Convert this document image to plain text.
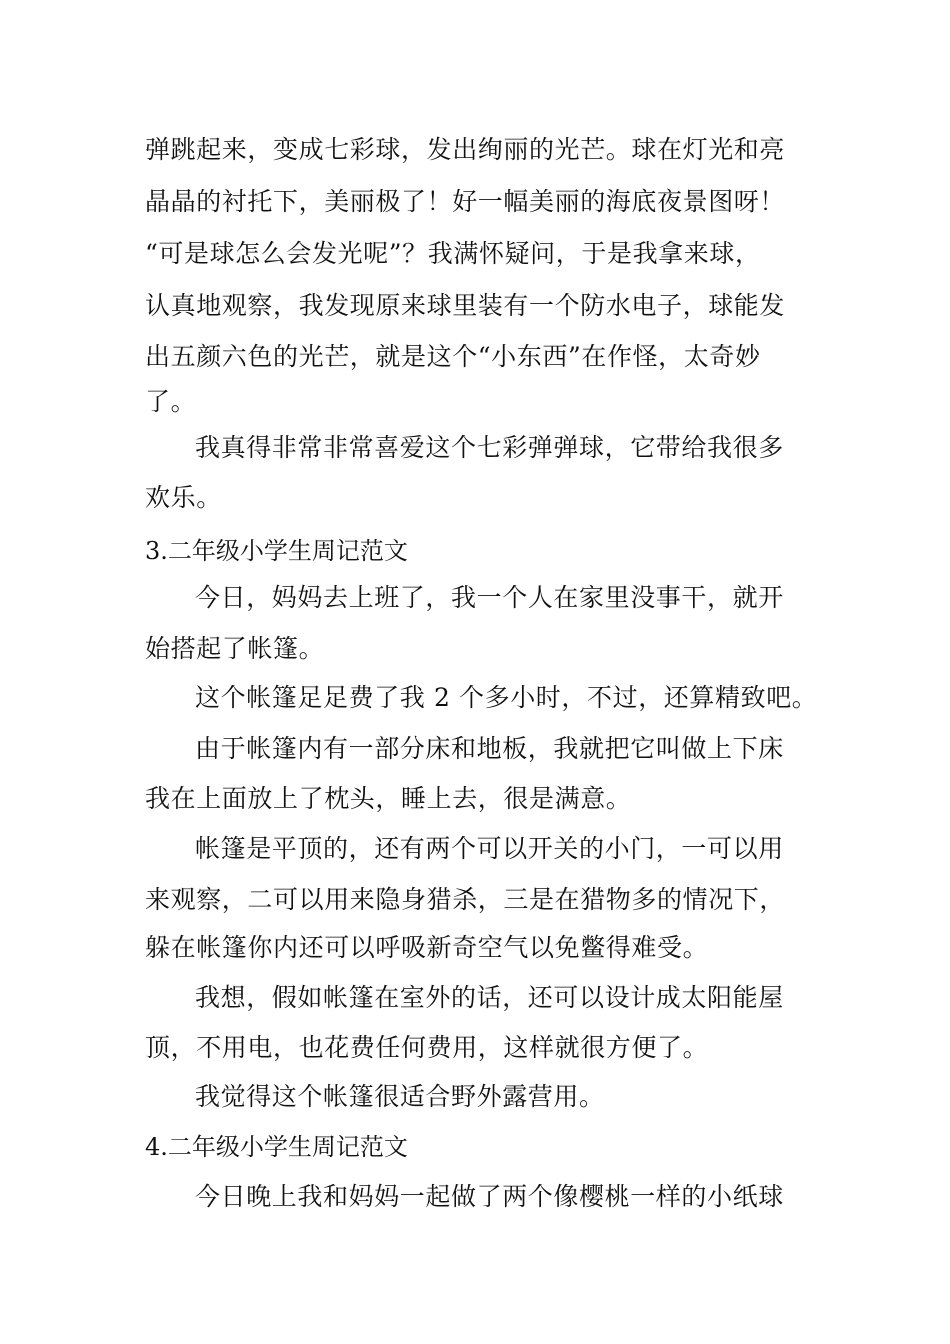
弹跳起来，变成七彩球，发出绚丽的光芒。球在灯光和亮
晶晶的衬托下，美丽极了！好一幅美丽的海底夜景图呀！
“可是球怎么会发光呢”？我满怀疑问，于是我拿来球，
认真地观察，我发现原来球里装有一个防水电子，球能发
出五颜六色的光芒，就是这个“小东西”在作怪，太奇妙
了。
我真得非常非常喜爱这个七彩弹弹球，它带给我很多
欢乐。
3.二年级小学生周记范文
今日，妈妈去上班了，我一个人在家里没事干，就开
始搭起了帐篷。
这个帐篷足足费了我 2 个多小时，不过，还算精致吧。
由于帐篷内有一部分床和地板，我就把它叫做上下床
我在上面放上了枕头，睡上去，很是满意。
帐篷是平顶的，还有两个可以开关的小门，一可以用
来观察，二可以用来隐身猎杀，三是在猎物多的情况下，
躲在帐篷你内还可以呼吸新奇空气以免鳖得难受。
我想，假如帐篷在室外的话，还可以设计成太阳能屋
顶，不用电，也花费任何费用，这样就很方便了。
我觉得这个帐篷很适合野外露营用。
4.二年级小学生周记范文
今日晚上我和妈妈一起做了两个像樱桃一样的小纸球
